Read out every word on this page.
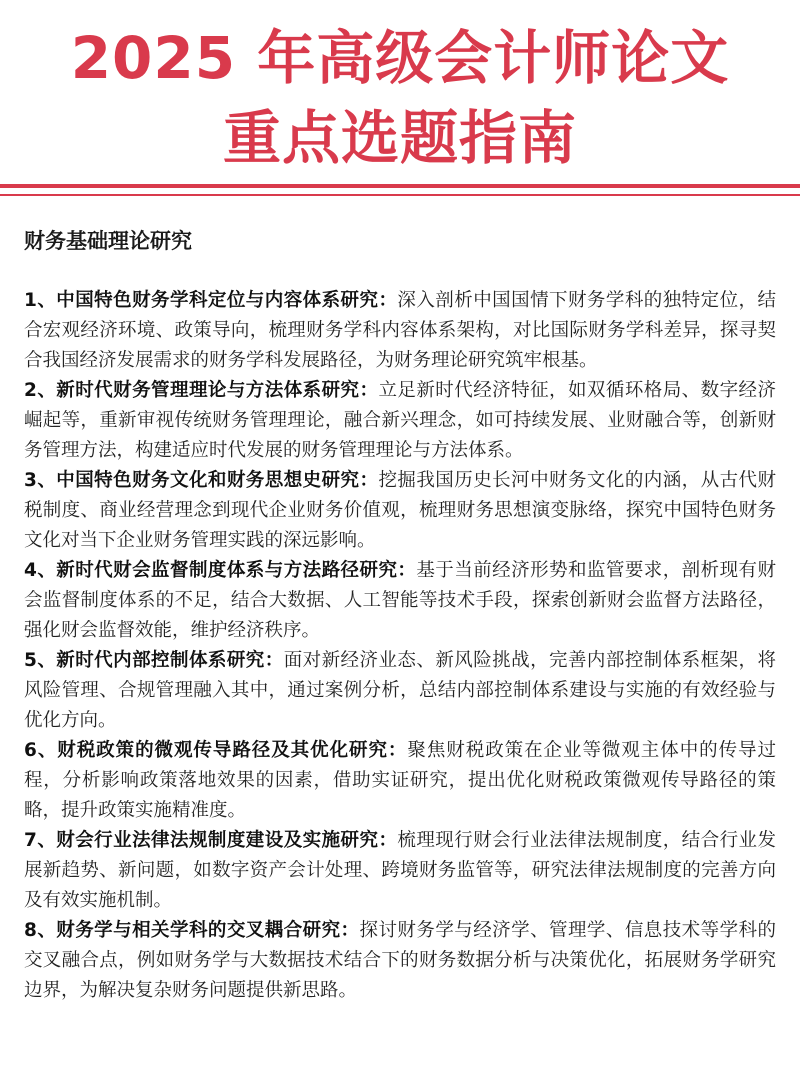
2025 年高级会计师论文
重点选题指南
财务基础理论研究

1、中国特色财务学科定位与内容体系研究：深入剖析中国国情下财务学科的独特定位，结合宏观经济环境、政策导向，梳理财务学科内容体系架构，对比国际财务学科差异，探寻契合我国经济发展需求的财务学科发展路径，为财务理论研究筑牢根基。

2、新时代财务管理理论与方法体系研究：立足新时代经济特征，如双循环格局、数字经济崛起等，重新审视传统财务管理理论，融合新兴理念，如可持续发展、业财融合等，创新财务管理方法，构建适应时代发展的财务管理理论与方法体系。

3、中国特色财务文化和财务思想史研究：挖掘我国历史长河中财务文化的内涵，从古代财税制度、商业经营理念到现代企业财务价值观，梳理财务思想演变脉络，探究中国特色财务文化对当下企业财务管理实践的深远影响。

4、新时代财会监督制度体系与方法路径研究：基于当前经济形势和监管要求，剖析现有财会监督制度体系的不足，结合大数据、人工智能等技术手段，探索创新财会监督方法路径，强化财会监督效能，维护经济秩序。

5、新时代内部控制体系研究：面对新经济业态、新风险挑战，完善内部控制体系框架，将风险管理、合规管理融入其中，通过案例分析，总结内部控制体系建设与实施的有效经验与优化方向。

6、财税政策的微观传导路径及其优化研究：聚焦财税政策在企业等微观主体中的传导过程，分析影响政策落地效果的因素，借助实证研究，提出优化财税政策微观传导路径的策略，提升政策实施精准度。

7、财会行业法律法规制度建设及实施研究：梳理现行财会行业法律法规制度，结合行业发展新趋势、新问题，如数字资产会计处理、跨境财务监管等，研究法律法规制度的完善方向及有效实施机制。

8、财务学与相关学科的交叉耦合研究：探讨财务学与经济学、管理学、信息技术等学科的交叉融合点，例如财务学与大数据技术结合下的财务数据分析与决策优化，拓展财务学研究边界，为解决复杂财务问题提供新思路。
